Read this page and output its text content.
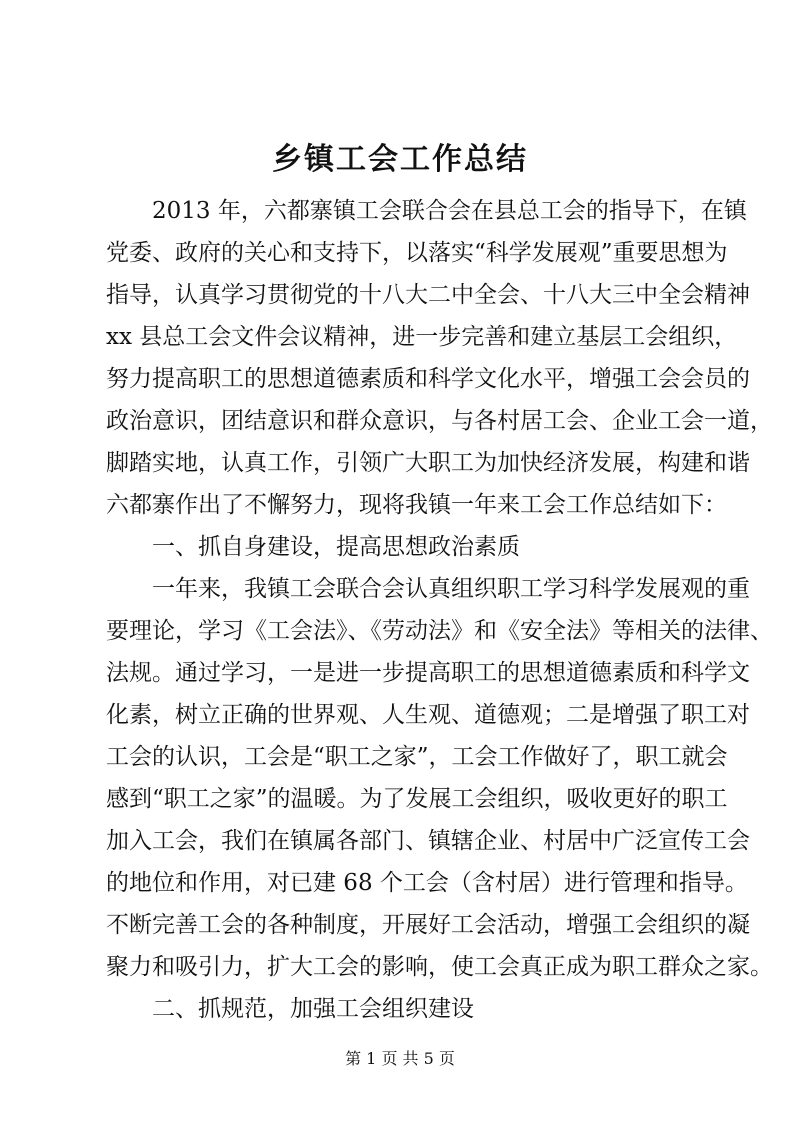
乡镇工会工作总结
2013 年，六都寨镇工会联合会在县总工会的指导下，在镇
党委、政府的关心和支持下，以落实“科学发展观”重要思想为
指导，认真学习贯彻党的十八大二中全会、十八大三中全会精神
xx 县总工会文件会议精神，进一步完善和建立基层工会组织，
努力提高职工的思想道德素质和科学文化水平，增强工会会员的
政治意识，团结意识和群众意识，与各村居工会、企业工会一道，
脚踏实地，认真工作，引领广大职工为加快经济发展，构建和谐
六都寨作出了不懈努力，现将我镇一年来工会工作总结如下：
一、抓自身建设，提高思想政治素质
一年来，我镇工会联合会认真组织职工学习科学发展观的重
要理论，学习《工会法》、《劳动法》和《安全法》等相关的法律、
法规。通过学习，一是进一步提高职工的思想道德素质和科学文
化素，树立正确的世界观、人生观、道德观；二是增强了职工对
工会的认识，工会是“职工之家”，工会工作做好了，职工就会
感到“职工之家”的温暖。为了发展工会组织，吸收更好的职工
加入工会，我们在镇属各部门、镇辖企业、村居中广泛宣传工会
的地位和作用，对已建 68 个工会（含村居）进行管理和指导。
不断完善工会的各种制度，开展好工会活动，增强工会组织的凝
聚力和吸引力，扩大工会的影响，使工会真正成为职工群众之家。
二、抓规范，加强工会组织建设
第 1 页 共 5 页
